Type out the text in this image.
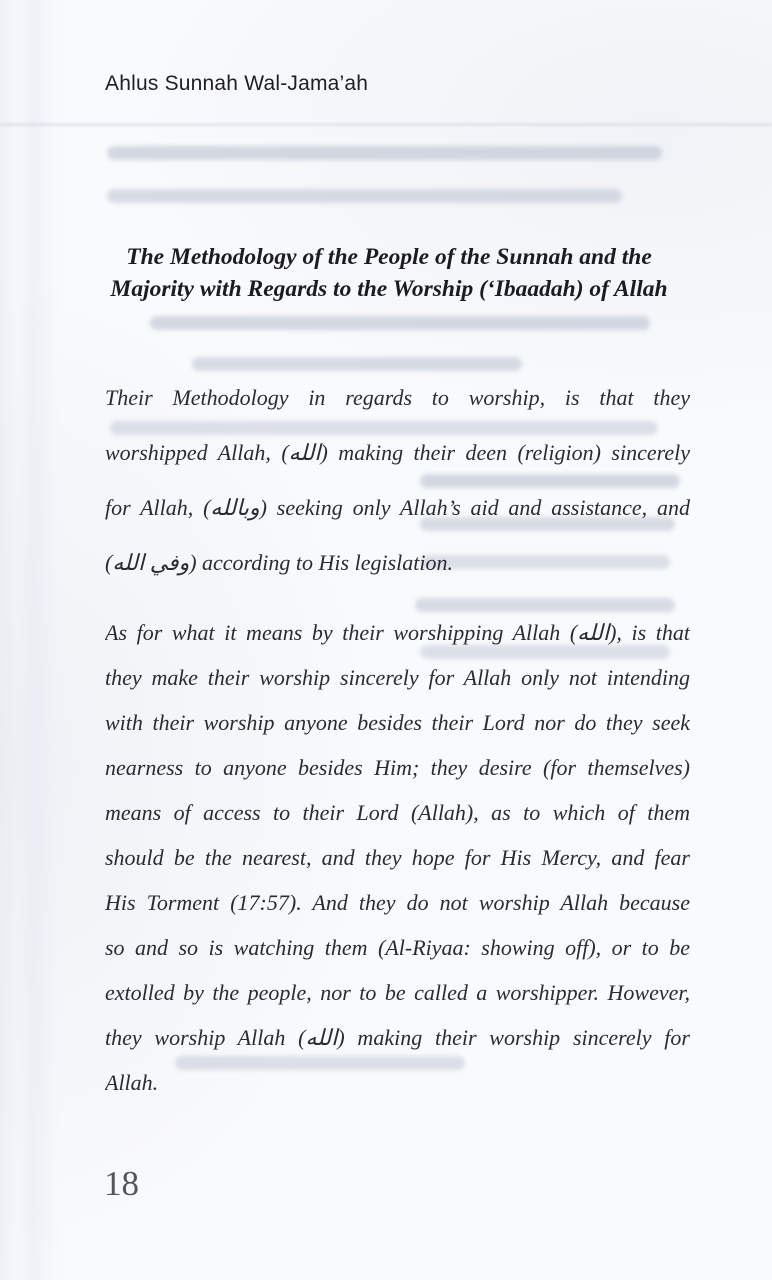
Ahlus Sunnah Wal-Jama’ah
The Methodology of the People of the Sunnah and the
Majority with Regards to the Worship (‘Ibaadah) of Allah
Their Methodology in regards to worship, is that they
worshipped Allah, (الله) making their deen (religion) sincerely
for Allah, (وبالله) seeking only Allah’s aid and assistance, and
(وفي الله) according to His legislation.
As for what it means by their worshipping Allah (الله), is that
they make their worship sincerely for Allah only not intending
with their worship anyone besides their Lord nor do they seek
nearness to anyone besides Him; they desire (for themselves)
means of access to their Lord (Allah), as to which of them
should be the nearest, and they hope for His Mercy, and fear
His Torment (17:57). And they do not worship Allah because
so and so is watching them (Al-Riyaa: showing off), or to be
extolled by the people, nor to be called a worshipper. However,
they worship Allah (الله) making their worship sincerely for
Allah.
18
